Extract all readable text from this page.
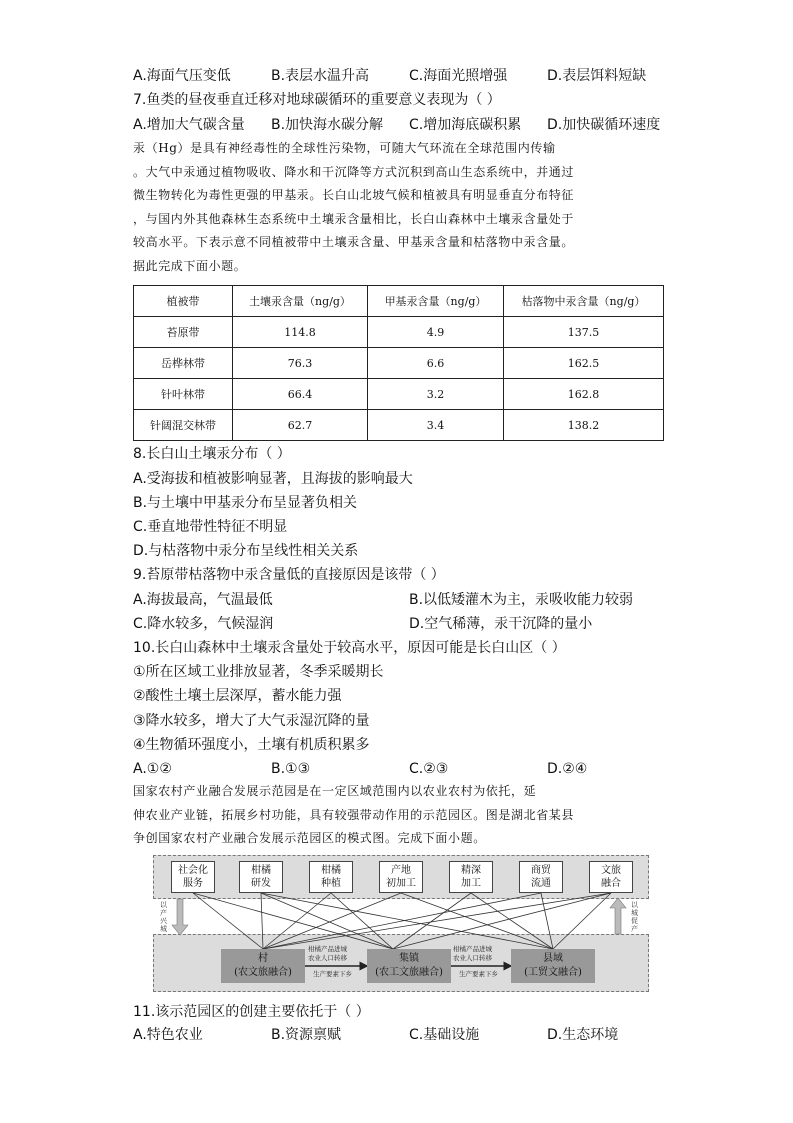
A.海面气压变低	B.表层水温升高	C.海面光照增强	D.表层饵料短缺
7.鱼类的昼夜垂直迁移对地球碳循环的重要意义表现为（ ）
A.增加大气碳含量	B.加快海水碳分解	C.增加海底碳积累	D.加快碳循环速度
汞（Hg）是具有神经毒性的全球性污染物，可随大气环流在全球范围内传输
。大气中汞通过植物吸收、降水和干沉降等方式沉积到高山生态系统中，并通过
微生物转化为毒性更强的甲基汞。长白山北坡气候和植被具有明显垂直分布特征
，与国内外其他森林生态系统中土壤汞含量相比，长白山森林中土壤汞含量处于
较高水平。下表示意不同植被带中土壤汞含量、甲基汞含量和枯落物中汞含量。
据此完成下面小题。
植被带	土壤汞含量（ng/g）	甲基汞含量（ng/g）	枯落物中汞含量（ng/g）
苔原带	114.8	4.9	137.5
岳桦林带	76.3	6.6	162.5
针叶林带	66.4	3.2	162.8
针阔混交林带	62.7	3.4	138.2
8.长白山土壤汞分布（ ）
A.受海拔和植被影响显著，且海拔的影响最大
B.与土壤中甲基汞分布呈显著负相关
C.垂直地带性特征不明显
D.与枯落物中汞分布呈线性相关关系
9.苔原带枯落物中汞含量低的直接原因是该带（ ）
A.海拔最高，气温最低	B.以低矮灌木为主，汞吸收能力较弱
C.降水较多，气候湿润	D.空气稀薄，汞干沉降的量小
10.长白山森林中土壤汞含量处于较高水平，原因可能是长白山区（ ）
①所在区域工业排放显著，冬季采暖期长
②酸性土壤土层深厚，蓄水能力强
③降水较多，增大了大气汞湿沉降的量
④生物循环强度小，土壤有机质积累多
A.①②	B.①③	C.②③	D.②④
国家农村产业融合发展示范园是在一定区域范围内以农业农村为依托，延
伸农业产业链，拓展乡村功能，具有较强带动作用的示范园区。图是湖北省某县
争创国家农村产业融合发展示范园区的模式图。完成下面小题。
以产兴城
以城促产
社会化
服务
柑橘
研发
柑橘
种植
产地
初加工
精深
加工
商贸
流通
文旅
融合
村
(农文旅融合)
集镇
(农工文旅融合)
县域
(工贸文融合)
柑橘产品进城
农业人口转移
生产要素下乡
柑橘产品进城
农业人口转移
生产要素下乡
11.该示范园区的创建主要依托于（ ）
A.特色农业	B.资源禀赋	C.基础设施	D.生态环境
